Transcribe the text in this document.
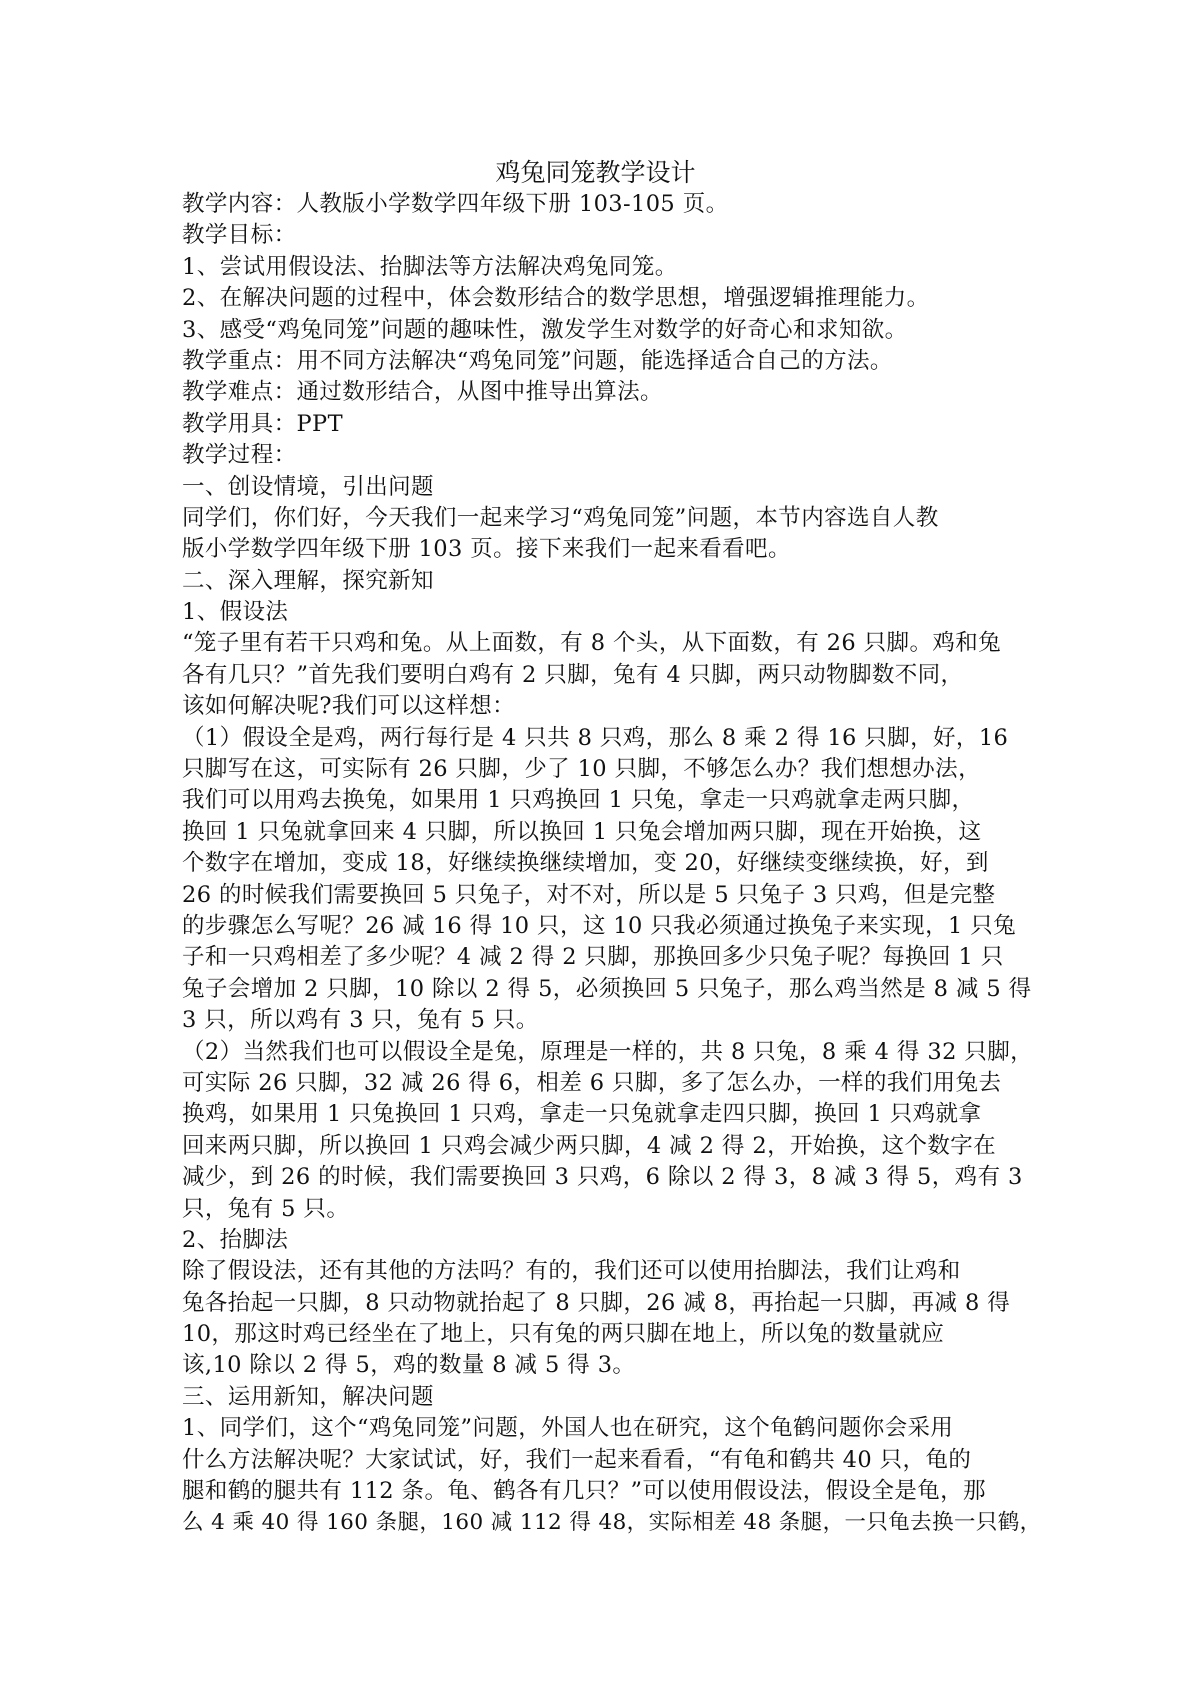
鸡兔同笼教学设计
教学内容：人教版小学数学四年级下册 103-105 页。
教学目标：
1、尝试用假设法、抬脚法等方法解决鸡兔同笼。
2、在解决问题的过程中，体会数形结合的数学思想，增强逻辑推理能力。
3、感受“鸡兔同笼”问题的趣味性，激发学生对数学的好奇心和求知欲。
教学重点：用不同方法解决“鸡兔同笼”问题，能选择适合自己的方法。
教学难点：通过数形结合，从图中推导出算法。
教学用具：PPT
教学过程：
一、创设情境，引出问题
同学们，你们好，今天我们一起来学习“鸡兔同笼”问题，本节内容选自人教
版小学数学四年级下册 103 页。接下来我们一起来看看吧。
二、深入理解，探究新知
1、假设法
“笼子里有若干只鸡和兔。从上面数，有 8 个头，从下面数，有 26 只脚。鸡和兔
各有几只？”首先我们要明白鸡有 2 只脚，兔有 4 只脚，两只动物脚数不同，
该如何解决呢?我们可以这样想：
（1）假设全是鸡，两行每行是 4 只共 8 只鸡，那么 8 乘 2 得 16 只脚，好，16
只脚写在这，可实际有 26 只脚，少了 10 只脚，不够怎么办？我们想想办法，
我们可以用鸡去换兔，如果用 1 只鸡换回 1 只兔，拿走一只鸡就拿走两只脚，
换回 1 只兔就拿回来 4 只脚，所以换回 1 只兔会增加两只脚，现在开始换，这
个数字在增加，变成 18，好继续换继续增加，变 20，好继续变继续换，好，到
26 的时候我们需要换回 5 只兔子，对不对，所以是 5 只兔子 3 只鸡，但是完整
的步骤怎么写呢？26 减 16 得 10 只，这 10 只我必须通过换兔子来实现，1 只兔
子和一只鸡相差了多少呢？4 减 2 得 2 只脚，那换回多少只兔子呢？每换回 1 只
兔子会增加 2 只脚，10 除以 2 得 5，必须换回 5 只兔子，那么鸡当然是 8 减 5 得
3 只，所以鸡有 3 只，兔有 5 只。
（2）当然我们也可以假设全是兔，原理是一样的，共 8 只兔，8 乘 4 得 32 只脚，
可实际 26 只脚，32 减 26 得 6，相差 6 只脚，多了怎么办，一样的我们用兔去
换鸡，如果用 1 只兔换回 1 只鸡，拿走一只兔就拿走四只脚，换回 1 只鸡就拿
回来两只脚，所以换回 1 只鸡会减少两只脚，4 减 2 得 2，开始换，这个数字在
减少，到 26 的时候，我们需要换回 3 只鸡，6 除以 2 得 3，8 减 3 得 5，鸡有 3
只，兔有 5 只。
2、抬脚法
除了假设法，还有其他的方法吗？有的，我们还可以使用抬脚法，我们让鸡和
兔各抬起一只脚，8 只动物就抬起了 8 只脚，26 减 8，再抬起一只脚，再减 8 得
10，那这时鸡已经坐在了地上，只有兔的两只脚在地上，所以兔的数量就应
该,10 除以 2 得 5，鸡的数量 8 减 5 得 3。
三、运用新知，解决问题
1、同学们，这个“鸡兔同笼”问题，外国人也在研究，这个龟鹤问题你会采用
什么方法解决呢？大家试试，好，我们一起来看看，“有龟和鹤共 40 只，龟的
腿和鹤的腿共有 112 条。龟、鹤各有几只？”可以使用假设法，假设全是龟，那
么 4 乘 40 得 160 条腿，160 减 112 得 48，实际相差 48 条腿，一只龟去换一只鹤，
